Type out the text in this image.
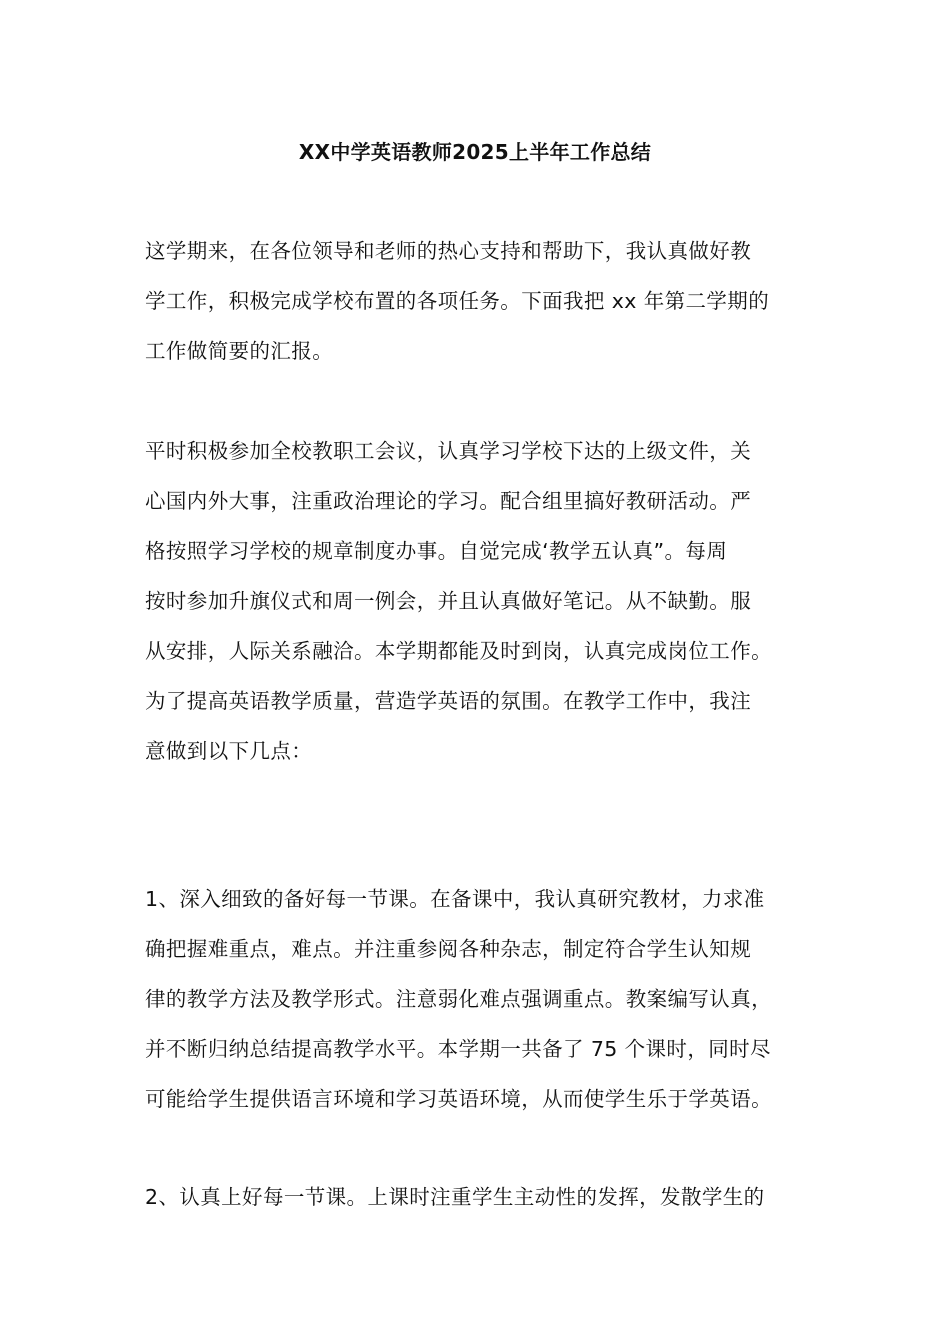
XX中学英语教师2025上半年工作总结
这学期来，在各位领导和老师的热心支持和帮助下，我认真做好教
学工作，积极完成学校布置的各项任务。下面我把 xx 年第二学期的
工作做简要的汇报。
平时积极参加全校教职工会议，认真学习学校下达的上级文件，关
心国内外大事，注重政治理论的学习。配合组里搞好教研活动。严
格按照学习学校的规章制度办事。自觉完成‘教学五认真”。每周
按时参加升旗仪式和周一例会，并且认真做好笔记。从不缺勤。服
从安排，人际关系融洽。本学期都能及时到岗，认真完成岗位工作。
为了提高英语教学质量，营造学英语的氛围。在教学工作中，我注
意做到以下几点：
1、深入细致的备好每一节课。在备课中，我认真研究教材，力求准
确把握难重点，难点。并注重参阅各种杂志，制定符合学生认知规
律的教学方法及教学形式。注意弱化难点强调重点。教案编写认真，
并不断归纳总结提高教学水平。本学期一共备了 75 个课时，同时尽
可能给学生提供语言环境和学习英语环境，从而使学生乐于学英语。
2、认真上好每一节课。上课时注重学生主动性的发挥，发散学生的
